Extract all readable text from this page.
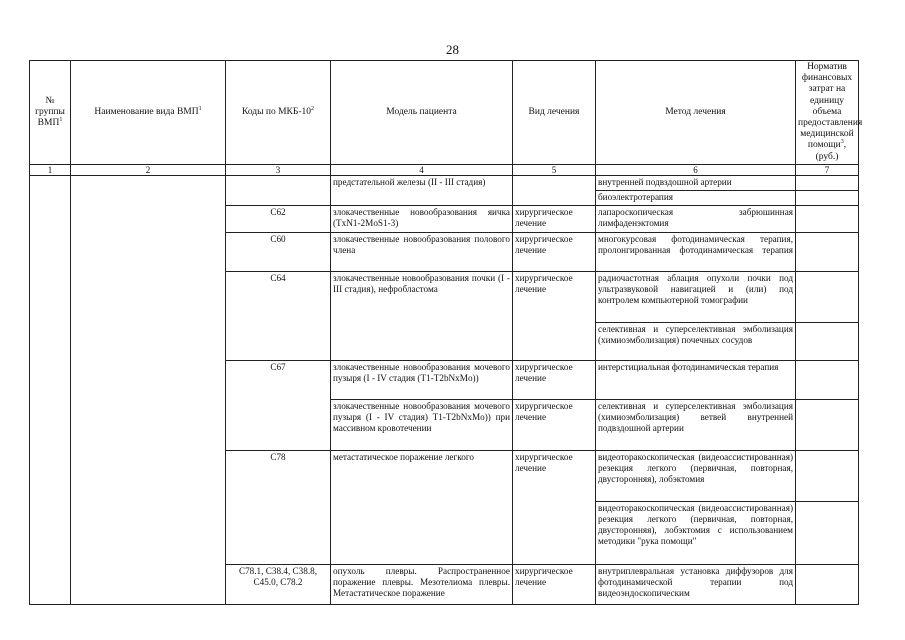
28
№ группы ВМП$^1$	Наименование вида ВМП$^1$	Коды по МКБ-$10^2$	Модель пациента	Вид лечения	Метод лечения	Норматив финансовых затрат на единицу объема предоставления медицинской помощи$^3$, (руб.)
1	2	3	4	5	6	7
			предстательной железы (II - III стадия)		внутренней подвздошной артерии	
					биоэлектротерапия	
		С62	злокачественные новообразования яичка (TxN1-2MoS1-3)	хирургическое лечение	лапароскопическая забрюшинная лимфаденэктомия	
		С60	злокачественные новообразования полового члена	хирургическое лечение	многокурсовая фотодинамическая терапия, пролонгированная фотодинамическая терапия	
		С64	злокачественные новообразования почки (I - III стадия), нефробластома	хирургическое лечение	радиочастотная аблация опухоли почки под ультразвуковой навигацией и (или) под контролем компьютерной томографии	
					селективная и суперселективная эмболизация (химиоэмболизация) почечных сосудов	
		С67	злокачественные новообразования мочевого пузыря (I - IV стадия (T1-T2bNxMo))	хирургическое лечение	интерстициальная фотодинамическая терапия	
			злокачественные новообразования мочевого пузыря (I - IV стадия) T1-T2bNxMo)) при массивном кровотечении	хирургическое лечение	селективная и суперселективная эмболизация (химиоэмболизация) ветвей внутренней подвздошной артерии	
		С78	метастатическое поражение легкого	хирургическое лечение	видеоторакоскопическая (видеоассистированная) резекция легкого (первичная, повторная, двусторонняя), лобэктомия	
					видеоторакоскопическая (видеоассистированная) резекция легкого (первичная, повторная, двусторонняя), лобэктомия с использованием методики "рука помощи"	
		С78.1, С38.4, С38.8, С45.0, С78.2	опухоль плевры. Распространенное поражение плевры. Мезотелиома плевры. Метастатическое поражение	хирургическое лечение	внутриплевральная установка диффузоров для фотодинамической терапии под видеоэндоскопическим	
